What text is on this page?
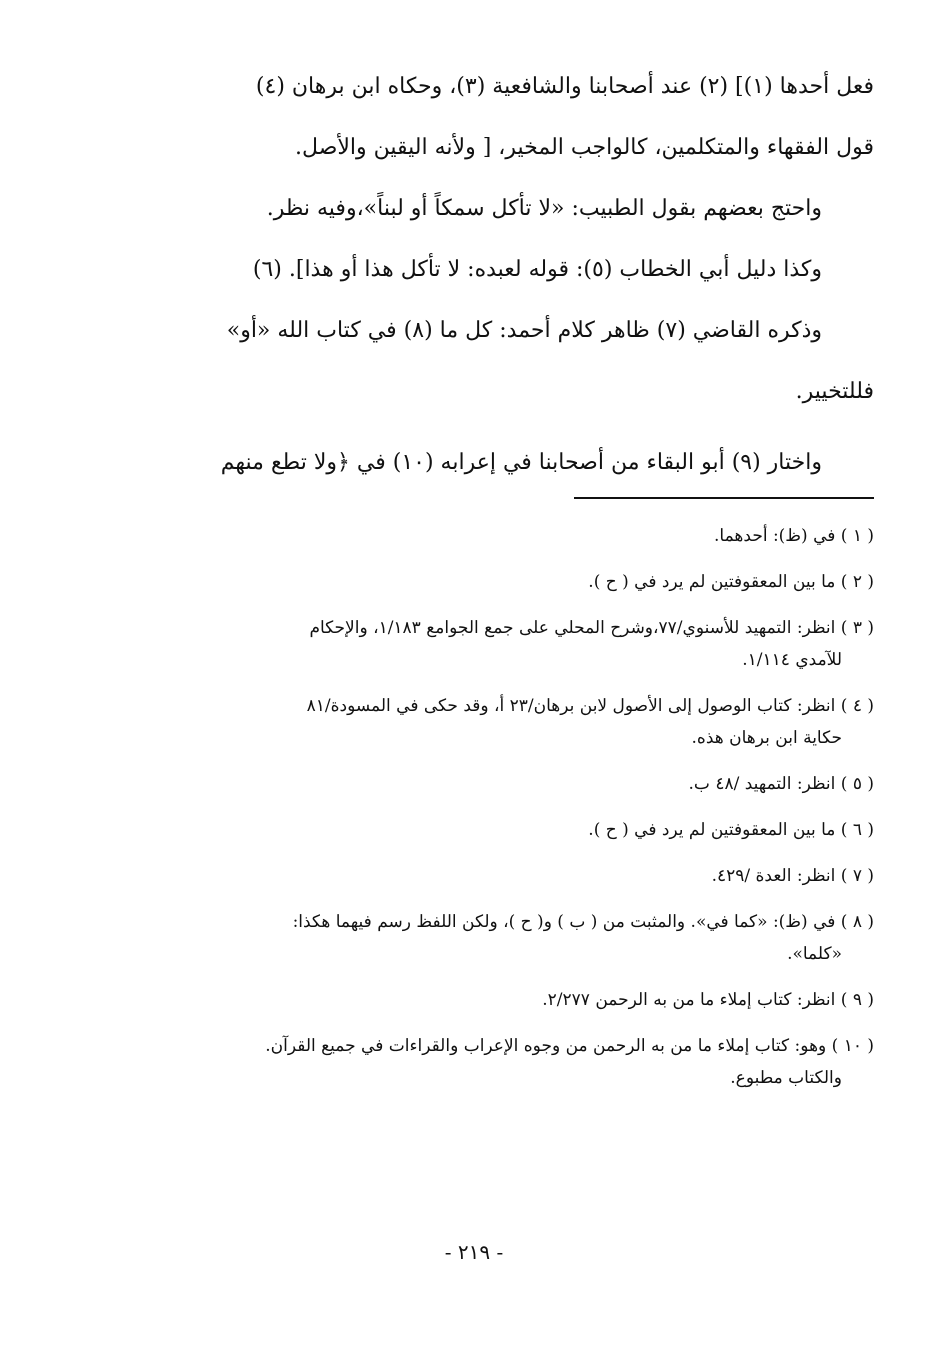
فعل أحدها (١)] (٢) عند أصحابنا والشافعية (٣)، وحكاه ابن برهان (٤)
قول الفقهاء والمتكلمين، كالواجب المخير، [ ولأنه اليقين والأصل.

واحتج بعضهم بقول الطبيب: «لا تأكل سمكاً أو لبناً»،وفيه نظر.

وكذا دليل أبي الخطاب (٥): قوله لعبده: لا تأكل هذا أو هذا]. (٦)

وذكره القاضي (٧) ظاهر كلام أحمد: كل ما (٨) في كتاب الله «أو»
فللتخيير.

واختار (٩) أبو البقاء من أصحابنا في إعرابه (١٠) في ﴿ولا تطع منهم

( ١ ) في (ظ): أحدهما.
( ٢ ) ما بين المعقوفتين لم يرد في ( ح ).
( ٣ ) انظر: التمهيد للأسنوي/٧٧،وشرح المحلي على جمع الجوامع ١/١٨٣، والإحكام
للآمدي ١/١١٤.
( ٤ ) انظر: كتاب الوصول إلى الأصول لابن برهان/٢٣ أ، وقد حكى في المسودة/٨١
حكاية ابن برهان هذه.
( ٥ ) انظر: التمهيد /٤٨ ب.
( ٦ ) ما بين المعقوفتين لم يرد في ( ح ).
( ٧ ) انظر: العدة /٤٢٩.
( ٨ ) في (ظ): «كما في». والمثبت من ( ب ) و( ح )، ولكن اللفظ رسم فيهما هكذا:
«كلما».
( ٩ ) انظر: كتاب إملاء ما من به الرحمن ٢/٢٧٧.
( ١٠ ) وهو: كتاب إملاء ما من به الرحمن من وجوه الإعراب والقراءات في جميع القرآن.
والكتاب مطبوع.
- ٢١٩ -
